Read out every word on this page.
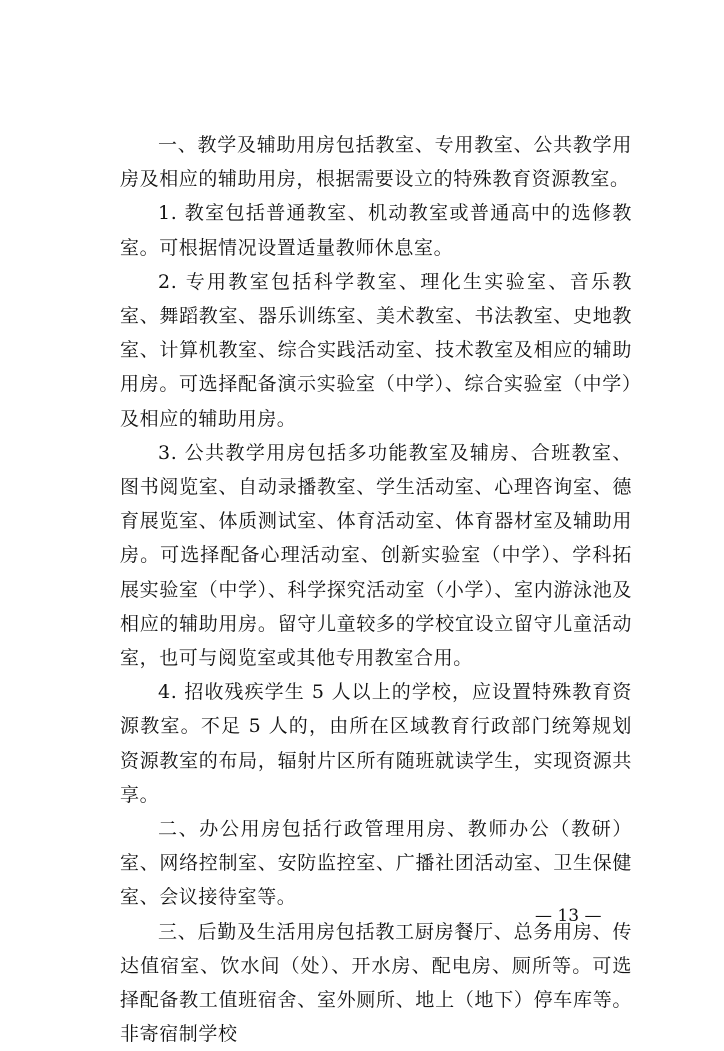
一、教学及辅助用房包括教室、专用教室、公共教学用房及相应的辅助用房，根据需要设立的特殊教育资源教室。

1. 教室包括普通教室、机动教室或普通高中的选修教室。可根据情况设置适量教师休息室。

2. 专用教室包括科学教室、理化生实验室、音乐教室、舞蹈教室、器乐训练室、美术教室、书法教室、史地教室、计算机教室、综合实践活动室、技术教室及相应的辅助用房。可选择配备演示实验室（中学）、综合实验室（中学）及相应的辅助用房。

3. 公共教学用房包括多功能教室及辅房、合班教室、图书阅览室、自动录播教室、学生活动室、心理咨询室、德育展览室、体质测试室、体育活动室、体育器材室及辅助用房。可选择配备心理活动室、创新实验室（中学）、学科拓展实验室（中学）、科学探究活动室（小学）、室内游泳池及相应的辅助用房。留守儿童较多的学校宜设立留守儿童活动室，也可与阅览室或其他专用教室合用。

4. 招收残疾学生 5 人以上的学校，应设置特殊教育资源教室。不足 5 人的，由所在区域教育行政部门统筹规划资源教室的布局，辐射片区所有随班就读学生，实现资源共享。

二、办公用房包括行政管理用房、教师办公（教研）室、网络控制室、安防监控室、广播社团活动室、卫生保健室、会议接待室等。

三、后勤及生活用房包括教工厨房餐厅、总务用房、传达值宿室、饮水间（处）、开水房、配电房、厕所等。可选择配备教工值班宿舍、室外厕所、地上（地下）停车库等。非寄宿制学校

— 13 —
